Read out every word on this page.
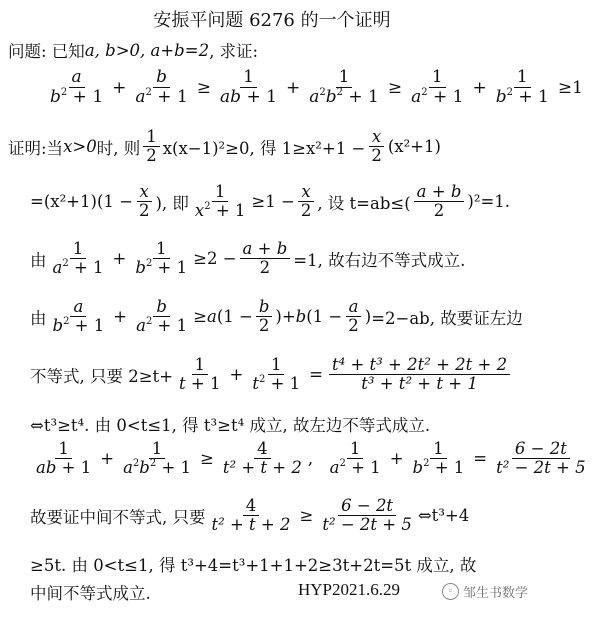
安振平问题 6276 的一个证明
问题: 已知 a, b>0, a+b=2 , 求证:
$\frac{a}{b^2 + 1} + \frac{b}{a^2 + 1} \ge \frac{1}{ab + 1} + \frac{1}{a^2b^2 + 1} \ge \frac{1}{a^2 + 1} + \frac{1}{b^2 + 1} \ge 1$
证明:当 x>0 时, 则 $\frac{1}{2} x(x-1)^2\ge 0$, 得 $1\ge x^2+1 - \frac{x}{2} (x^2+1)$
$=(x^2+1)(1 - \frac{x}{2}$ ), 即 $\frac{1}{x^2 + 1} \ge 1 - \frac{x}{2}$ , 设 $t=ab\le( \frac{a + b}{2} )^2=1$.
由 $\frac{1}{a^2 + 1} + \frac{1}{b^2 + 1} \ge 2 - \frac{a + b}{2} =1$, 故右边不等式成立.
由 $\frac{a}{b^2 + 1} + \frac{b}{a^2 + 1} \ge a(1 - \frac{b}{2} )+b(1 - \frac{a}{2}$ ) =2−ab, 故要证左边
不等式, 只要 $2\ge t+ \frac{1}{t + 1} + \frac{1}{t^2 + 1} = \frac{\text{t⁴ + t³ + 2t² + 2t + 2}}{\text{t³ + t² + t + 1}}$
⇔t³≥t⁴. 由 0<t≤1, 得 t³≥t⁴ 成立, 故左边不等式成立.
$\frac{1}{ab + 1} + \frac{1}{a^2b^2 + 1} \ge \frac{4}{\text{t² + t + 2}}$ , $\frac{1}{a^2 + 1} + \frac{1}{b^2 + 1} = \frac{6 - 2t}{\text{t² − 2t + 5}}$
故要证中间不等式, 只要 $\frac{4}{\text{t² + t + 2}} \ge \frac{6 - 2t}{\text{t² − 2t + 5}}$ ⇔t³+4
≥5t. 由 0<t≤1, 得 t³+4=t³+1+1+2≥3t+2t=5t 成立, 故
中间不等式成立.	HYP2021.6.29	◦ 邹生书数学
